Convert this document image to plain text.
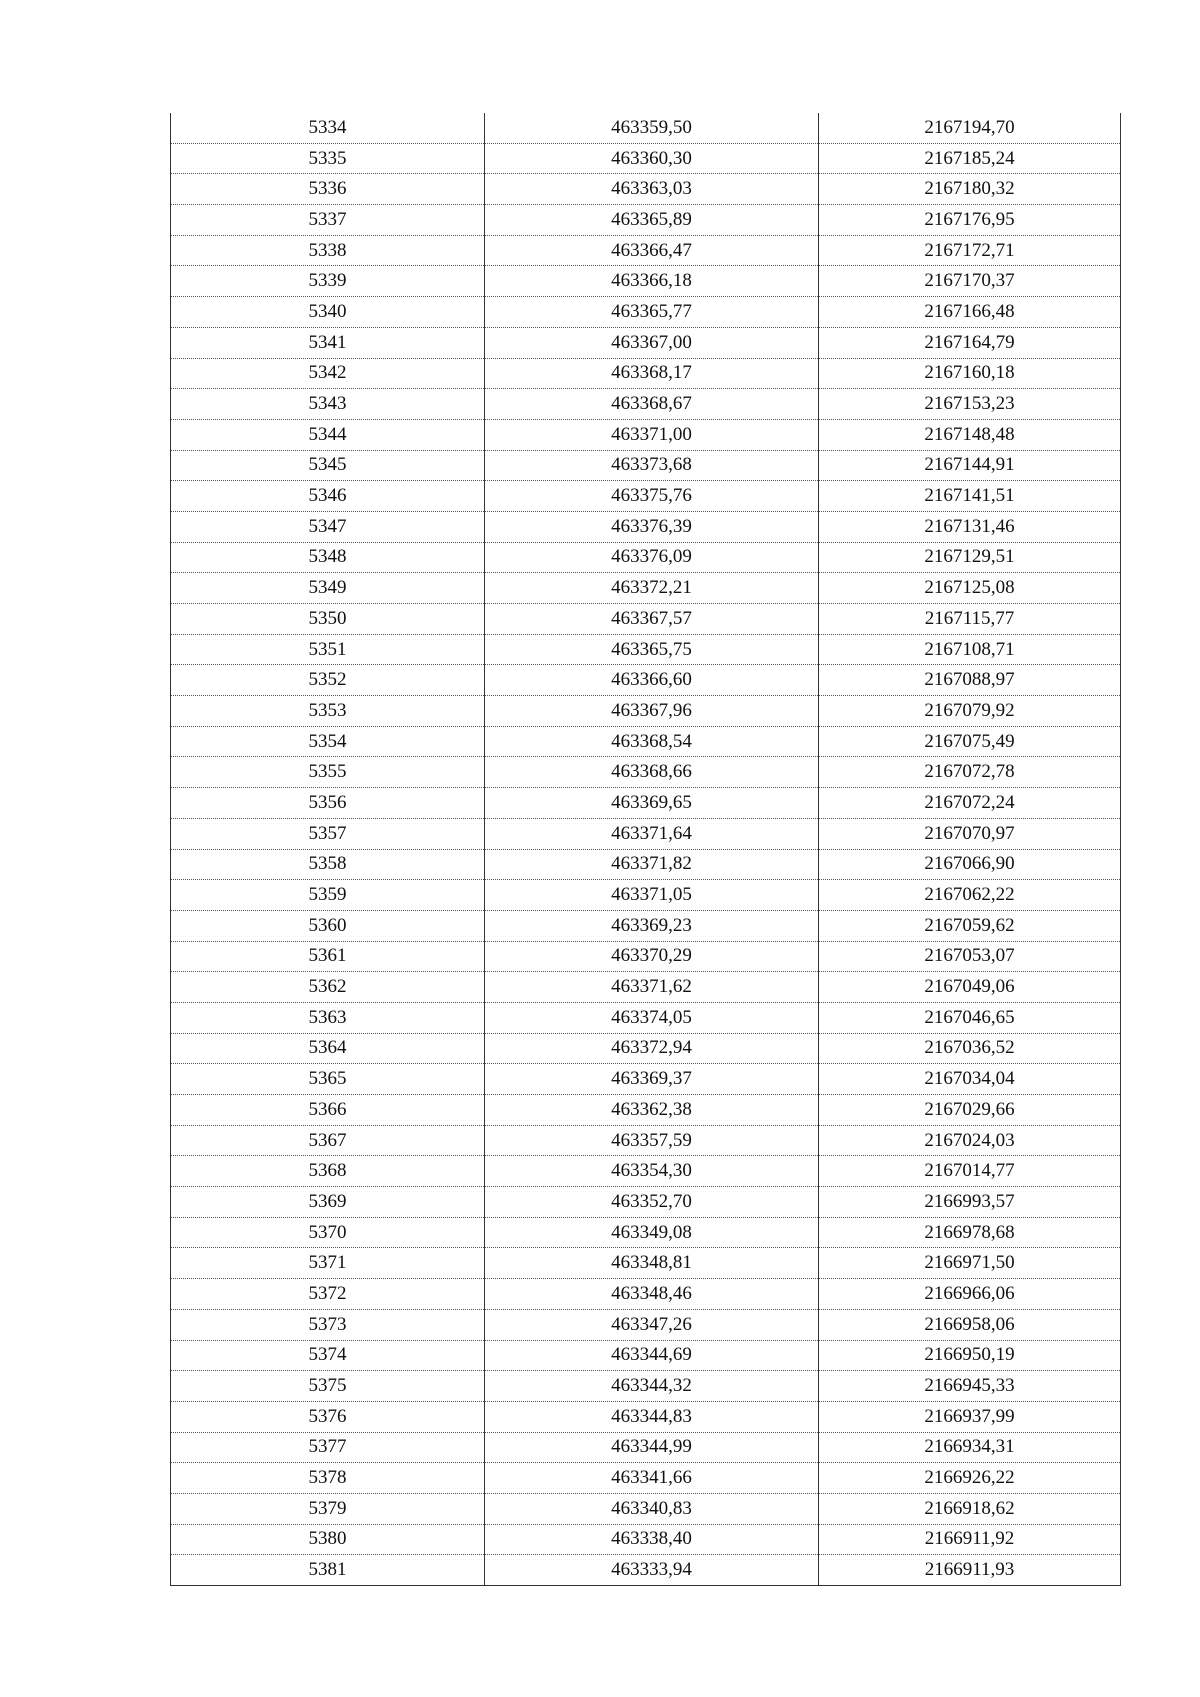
5334	463359,50	2167194,70
5335	463360,30	2167185,24
5336	463363,03	2167180,32
5337	463365,89	2167176,95
5338	463366,47	2167172,71
5339	463366,18	2167170,37
5340	463365,77	2167166,48
5341	463367,00	2167164,79
5342	463368,17	2167160,18
5343	463368,67	2167153,23
5344	463371,00	2167148,48
5345	463373,68	2167144,91
5346	463375,76	2167141,51
5347	463376,39	2167131,46
5348	463376,09	2167129,51
5349	463372,21	2167125,08
5350	463367,57	2167115,77
5351	463365,75	2167108,71
5352	463366,60	2167088,97
5353	463367,96	2167079,92
5354	463368,54	2167075,49
5355	463368,66	2167072,78
5356	463369,65	2167072,24
5357	463371,64	2167070,97
5358	463371,82	2167066,90
5359	463371,05	2167062,22
5360	463369,23	2167059,62
5361	463370,29	2167053,07
5362	463371,62	2167049,06
5363	463374,05	2167046,65
5364	463372,94	2167036,52
5365	463369,37	2167034,04
5366	463362,38	2167029,66
5367	463357,59	2167024,03
5368	463354,30	2167014,77
5369	463352,70	2166993,57
5370	463349,08	2166978,68
5371	463348,81	2166971,50
5372	463348,46	2166966,06
5373	463347,26	2166958,06
5374	463344,69	2166950,19
5375	463344,32	2166945,33
5376	463344,83	2166937,99
5377	463344,99	2166934,31
5378	463341,66	2166926,22
5379	463340,83	2166918,62
5380	463338,40	2166911,92
5381	463333,94	2166911,93
